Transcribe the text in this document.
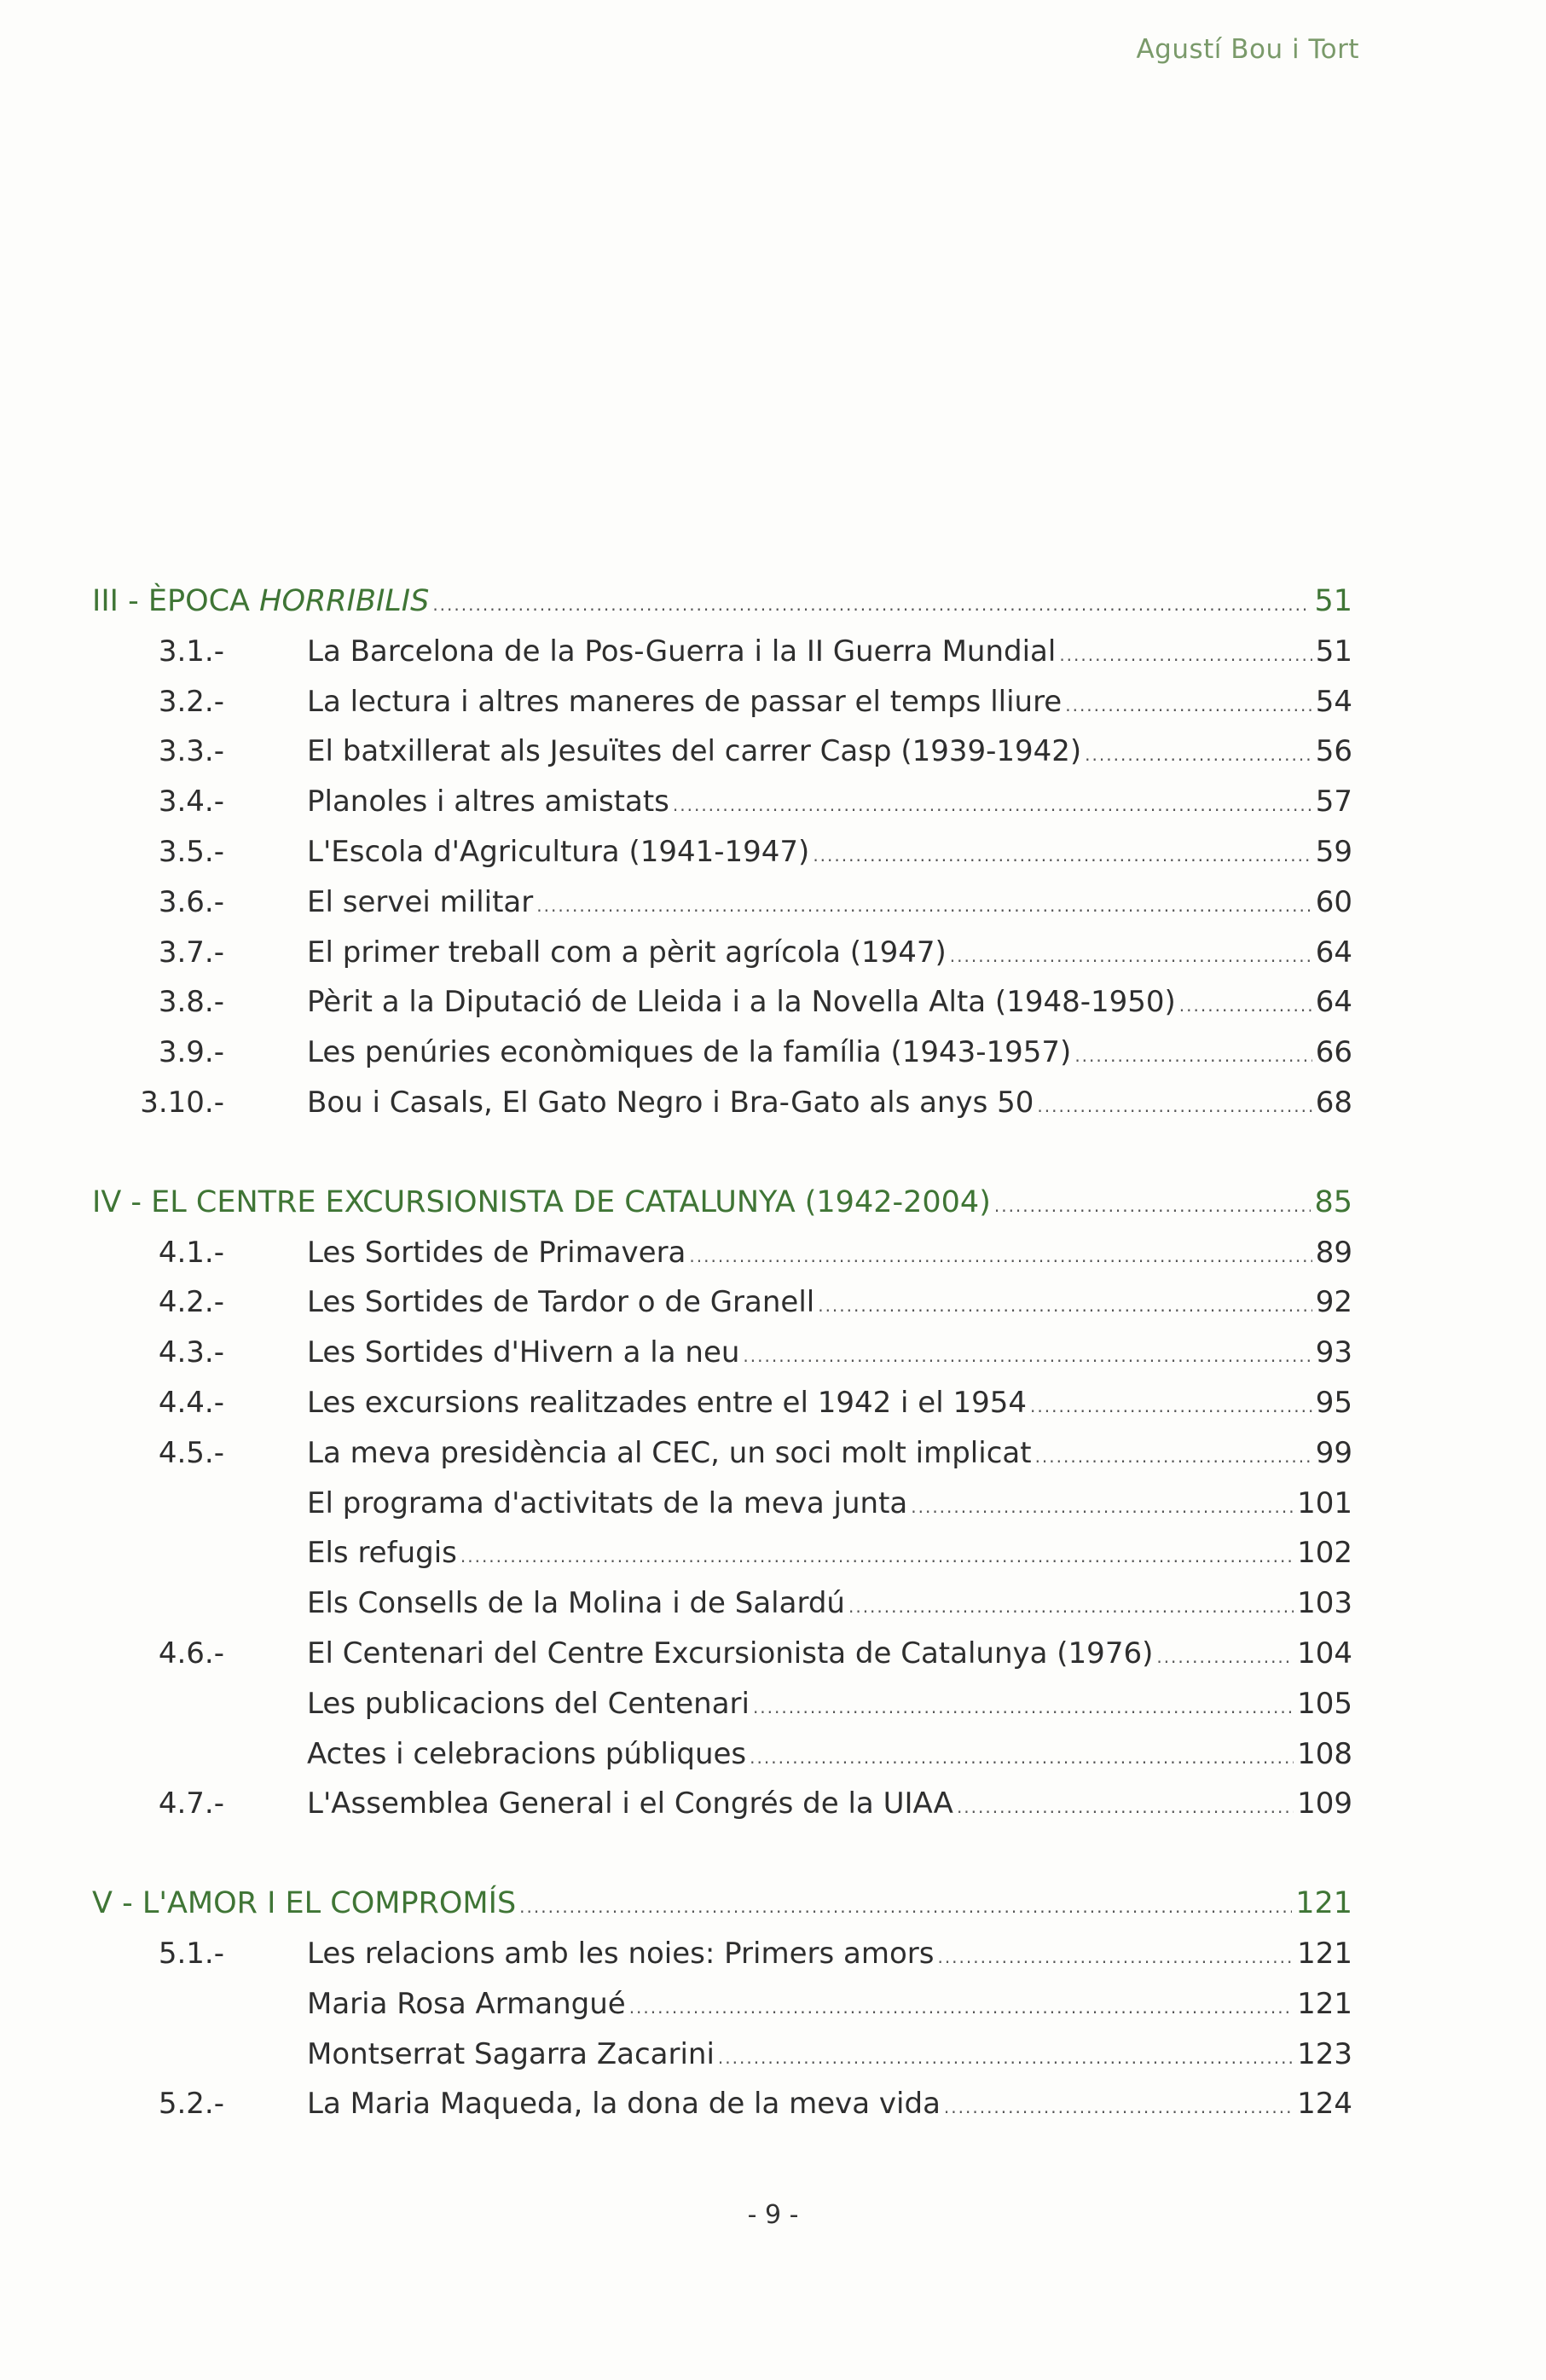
Agustí Bou i Tort
III - ÈPOCA HORRIBILIS .....	51
3.1.-	La Barcelona de la Pos-Guerra i la II Guerra Mundial .....	51
3.2.-	La lectura i altres maneres de passar el temps lliure .....	54
3.3.-	El batxillerat als Jesuïtes del carrer Casp (1939-1942) .....	56
3.4.-	Planoles i altres amistats .....	57
3.5.-	L'Escola d'Agricultura (1941-1947) .....	59
3.6.-	El servei militar .....	60
3.7.-	El primer treball com a pèrit agrícola (1947) .....	64
3.8.-	Pèrit a la Diputació de Lleida i a la Novella Alta (1948-1950) .....	64
3.9.-	Les penúries econòmiques de la família (1943-1957) .....	66
3.10.-	Bou i Casals, El Gato Negro i Bra-Gato als anys 50 .....	68
IV - EL CENTRE EXCURSIONISTA DE CATALUNYA (1942-2004) .....	85
4.1.-	Les Sortides de Primavera .....	89
4.2.-	Les Sortides de Tardor o de Granell .....	92
4.3.-	Les Sortides d'Hivern a la neu .....	93
4.4.-	Les excursions realitzades entre el 1942 i el 1954 .....	95
4.5.-	La meva presidència al CEC, un soci molt implicat .....	99
El programa d'activitats de la meva junta .....	101
Els refugis .....	102
Els Consells de la Molina i de Salardú .....	103
4.6.-	El Centenari del Centre Excursionista de Catalunya (1976) .....	104
Les publicacions del Centenari .....	105
Actes i celebracions públiques .....	108
4.7.-	L'Assemblea General i el Congrés de la UIAA .....	109
V - L'AMOR I EL COMPROMÍS .....	121
5.1.-	Les relacions amb les noies: Primers amors .....	121
Maria Rosa Armangué .....	121
Montserrat Sagarra Zacarini .....	123
5.2.-	La Maria Maqueda, la dona de la meva vida .....	124
- 9 -
